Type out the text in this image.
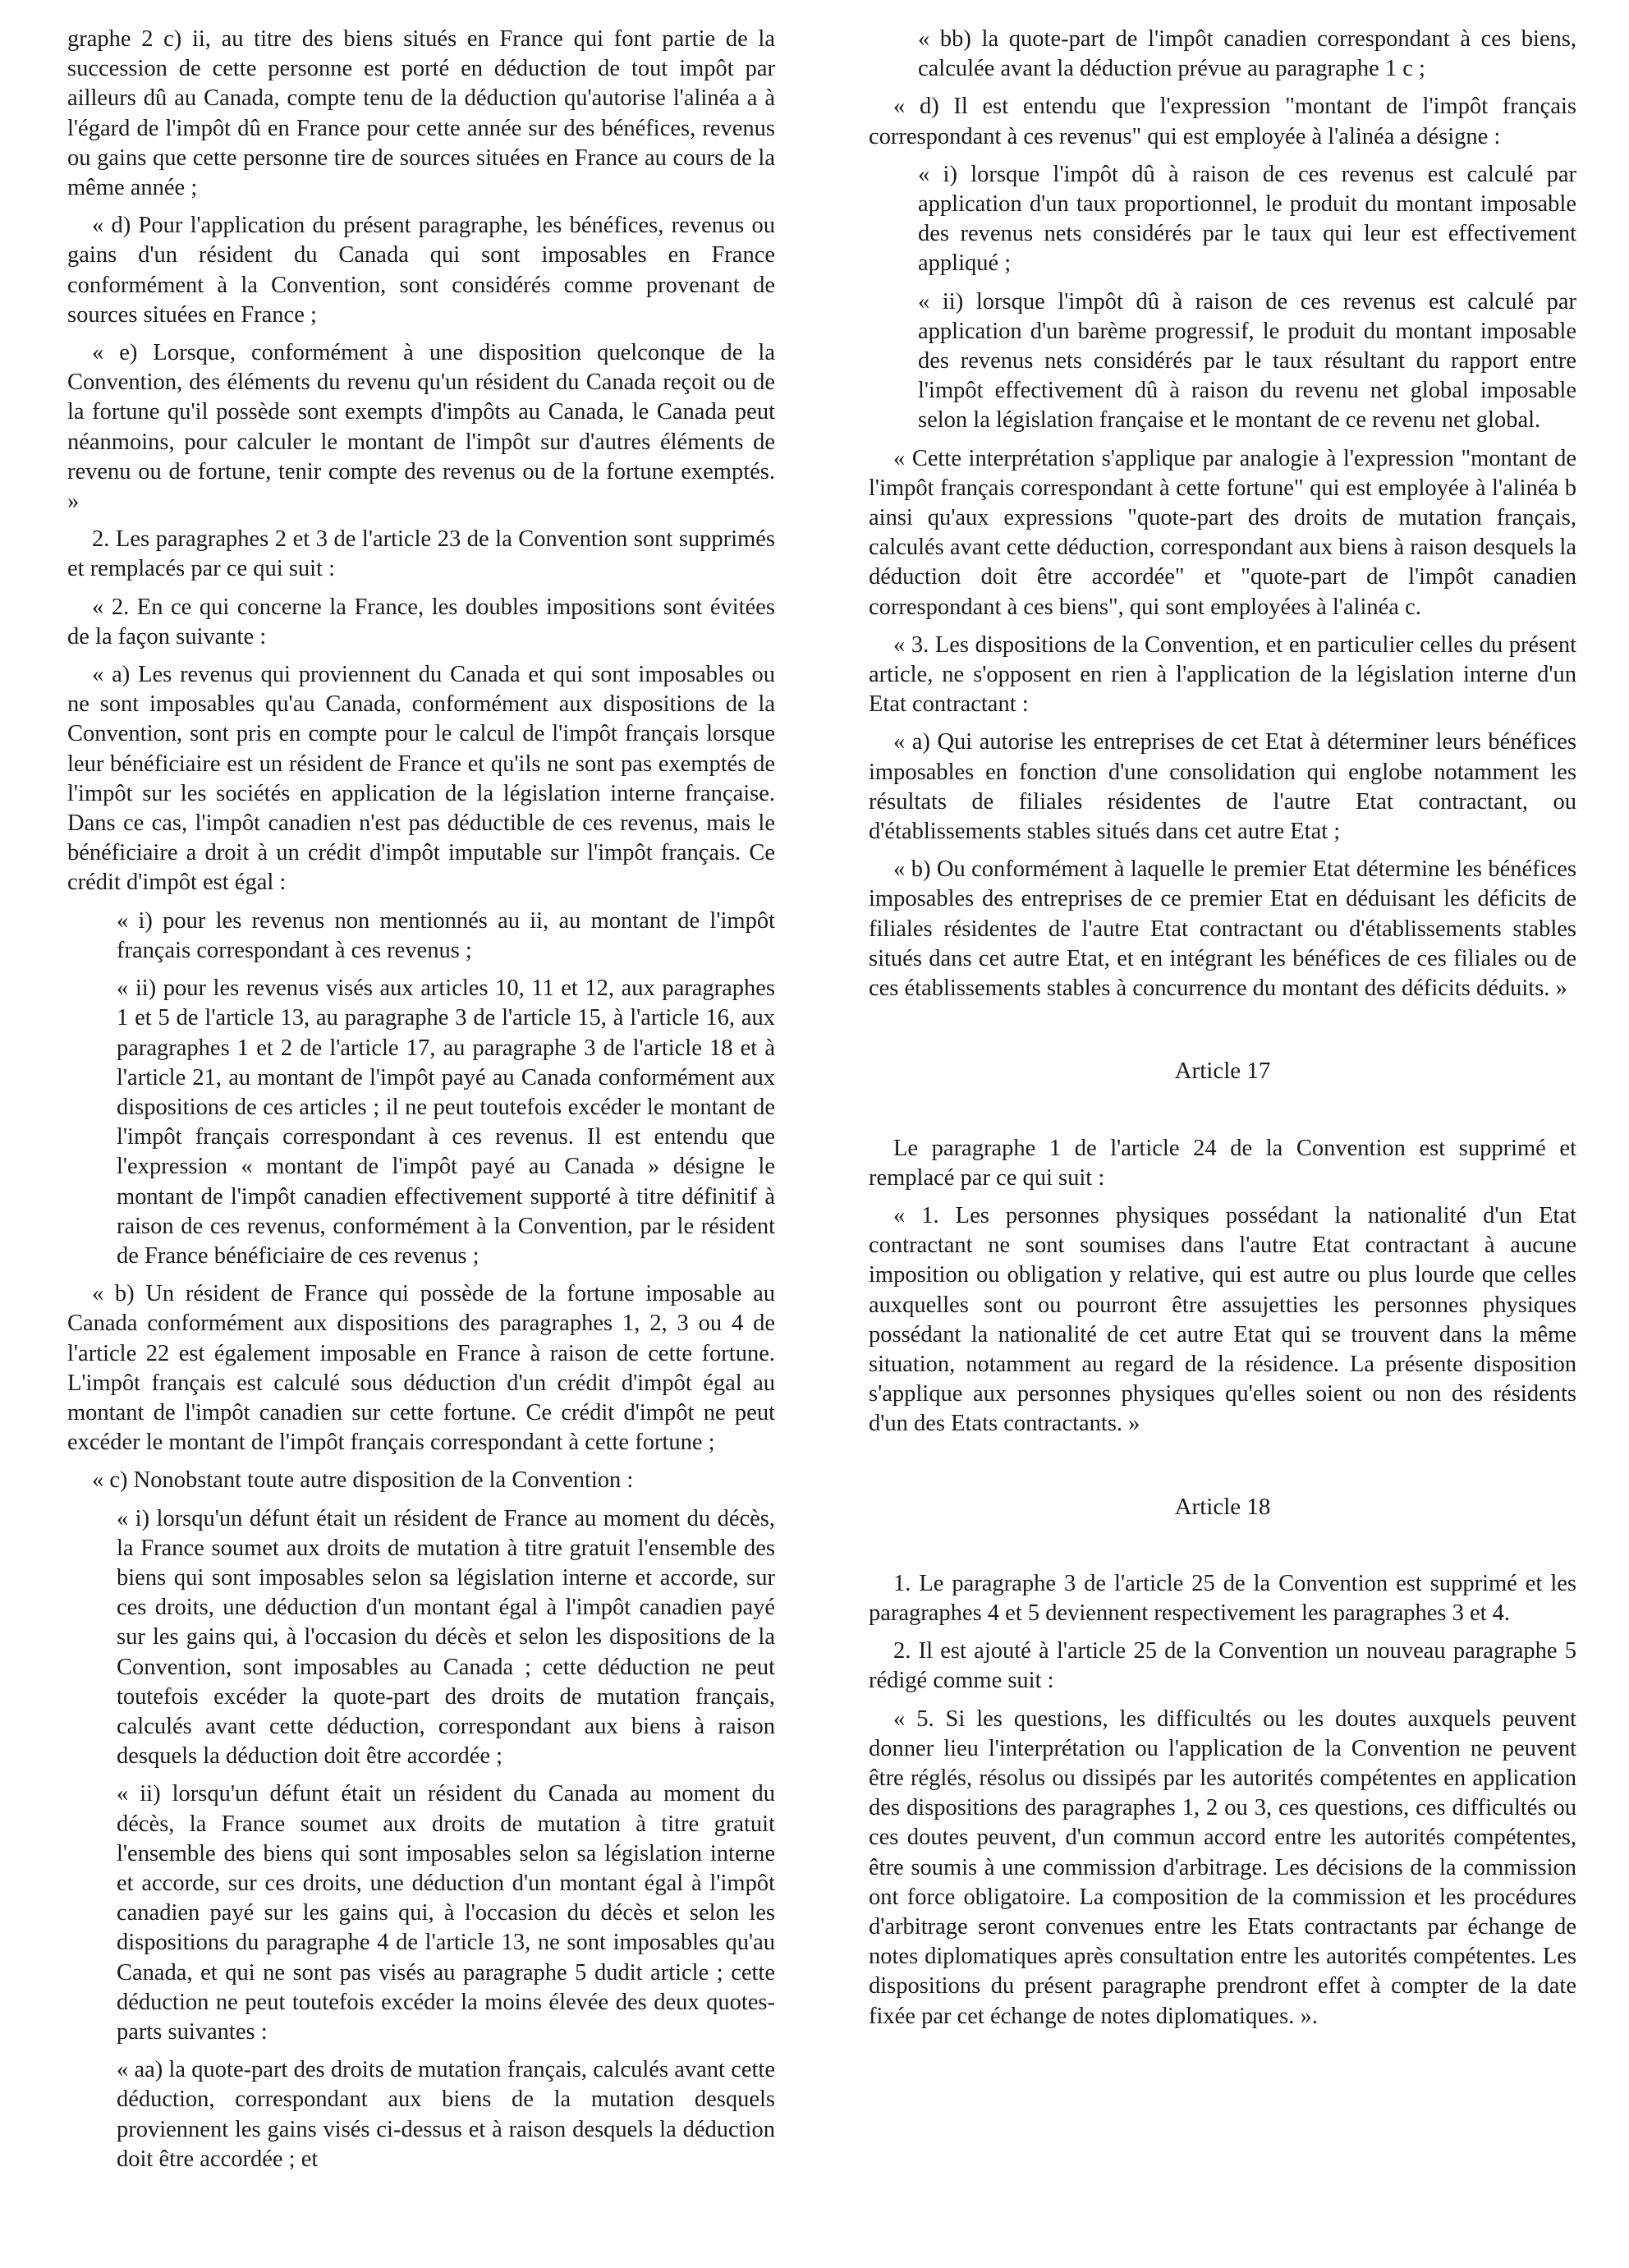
graphe 2 c) ii, au titre des biens situés en France qui font partie de la succession de cette personne est porté en déduction de tout impôt par ailleurs dû au Canada, compte tenu de la déduction qu'autorise l'alinéa a à l'égard de l'impôt dû en France pour cette année sur des bénéfices, revenus ou gains que cette personne tire de sources situées en France au cours de la même année ;

« d) Pour l'application du présent paragraphe, les bénéfices, revenus ou gains d'un résident du Canada qui sont imposables en France conformément à la Convention, sont considérés comme provenant de sources situées en France ;

« e) Lorsque, conformément à une disposition quelconque de la Convention, des éléments du revenu qu'un résident du Canada reçoit ou de la fortune qu'il possède sont exempts d'impôts au Canada, le Canada peut néanmoins, pour calculer le montant de l'impôt sur d'autres éléments de revenu ou de fortune, tenir compte des revenus ou de la fortune exemptés. »

2. Les paragraphes 2 et 3 de l'article 23 de la Convention sont supprimés et remplacés par ce qui suit :

« 2. En ce qui concerne la France, les doubles impositions sont évitées de la façon suivante :

« a) Les revenus qui proviennent du Canada et qui sont imposables ou ne sont imposables qu'au Canada, conformément aux dispositions de la Convention, sont pris en compte pour le calcul de l'impôt français lorsque leur bénéficiaire est un résident de France et qu'ils ne sont pas exemptés de l'impôt sur les sociétés en application de la législation interne française. Dans ce cas, l'impôt canadien n'est pas déductible de ces revenus, mais le bénéficiaire a droit à un crédit d'impôt imputable sur l'impôt français. Ce crédit d'impôt est égal :

« i) pour les revenus non mentionnés au ii, au montant de l'impôt français correspondant à ces revenus ;

« ii) pour les revenus visés aux articles 10, 11 et 12, aux paragraphes 1 et 5 de l'article 13, au paragraphe 3 de l'article 15, à l'article 16, aux paragraphes 1 et 2 de l'article 17, au paragraphe 3 de l'article 18 et à l'article 21, au montant de l'impôt payé au Canada conformément aux dispositions de ces articles ; il ne peut toutefois excéder le montant de l'impôt français correspondant à ces revenus. Il est entendu que l'expression « montant de l'impôt payé au Canada » désigne le montant de l'impôt canadien effectivement supporté à titre définitif à raison de ces revenus, conformément à la Convention, par le résident de France bénéficiaire de ces revenus ;

« b) Un résident de France qui possède de la fortune imposable au Canada conformément aux dispositions des paragraphes 1, 2, 3 ou 4 de l'article 22 est également imposable en France à raison de cette fortune. L'impôt français est calculé sous déduction d'un crédit d'impôt égal au montant de l'impôt canadien sur cette fortune. Ce crédit d'impôt ne peut excéder le montant de l'impôt français correspondant à cette fortune ;

« c) Nonobstant toute autre disposition de la Convention :

« i) lorsqu'un défunt était un résident de France au moment du décès, la France soumet aux droits de mutation à titre gratuit l'ensemble des biens qui sont imposables selon sa législation interne et accorde, sur ces droits, une déduction d'un montant égal à l'impôt canadien payé sur les gains qui, à l'occasion du décès et selon les dispositions de la Convention, sont imposables au Canada ; cette déduction ne peut toutefois excéder la quote-part des droits de mutation français, calculés avant cette déduction, correspondant aux biens à raison desquels la déduction doit être accordée ;

« ii) lorsqu'un défunt était un résident du Canada au moment du décès, la France soumet aux droits de mutation à titre gratuit l'ensemble des biens qui sont imposables selon sa législation interne et accorde, sur ces droits, une déduction d'un montant égal à l'impôt canadien payé sur les gains qui, à l'occasion du décès et selon les dispositions du paragraphe 4 de l'article 13, ne sont imposables qu'au Canada, et qui ne sont pas visés au paragraphe 5 dudit article ; cette déduction ne peut toutefois excéder la moins élevée des deux quotes-parts suivantes :

« aa) la quote-part des droits de mutation français, calculés avant cette déduction, correspondant aux biens de la mutation desquels proviennent les gains visés ci-dessus et à raison desquels la déduction doit être accordée ; et

« bb) la quote-part de l'impôt canadien correspondant à ces biens, calculée avant la déduction prévue au paragraphe 1 c ;

« d) Il est entendu que l'expression "montant de l'impôt français correspondant à ces revenus" qui est employée à l'alinéa a désigne :

« i) lorsque l'impôt dû à raison de ces revenus est calculé par application d'un taux proportionnel, le produit du montant imposable des revenus nets considérés par le taux qui leur est effectivement appliqué ;

« ii) lorsque l'impôt dû à raison de ces revenus est calculé par application d'un barème progressif, le produit du montant imposable des revenus nets considérés par le taux résultant du rapport entre l'impôt effectivement dû à raison du revenu net global imposable selon la législation française et le montant de ce revenu net global.

« Cette interprétation s'applique par analogie à l'expression "montant de l'impôt français correspondant à cette fortune" qui est employée à l'alinéa b ainsi qu'aux expressions "quote-part des droits de mutation français, calculés avant cette déduction, correspondant aux biens à raison desquels la déduction doit être accordée" et "quote-part de l'impôt canadien correspondant à ces biens", qui sont employées à l'alinéa c.

« 3. Les dispositions de la Convention, et en particulier celles du présent article, ne s'opposent en rien à l'application de la législation interne d'un Etat contractant :

« a) Qui autorise les entreprises de cet Etat à déterminer leurs bénéfices imposables en fonction d'une consolidation qui englobe notamment les résultats de filiales résidentes de l'autre Etat contractant, ou d'établissements stables situés dans cet autre Etat ;

« b) Ou conformément à laquelle le premier Etat détermine les bénéfices imposables des entreprises de ce premier Etat en déduisant les déficits de filiales résidentes de l'autre Etat contractant ou d'établissements stables situés dans cet autre Etat, et en intégrant les bénéfices de ces filiales ou de ces établissements stables à concurrence du montant des déficits déduits. »

Article 17

Le paragraphe 1 de l'article 24 de la Convention est supprimé et remplacé par ce qui suit :

« 1. Les personnes physiques possédant la nationalité d'un Etat contractant ne sont soumises dans l'autre Etat contractant à aucune imposition ou obligation y relative, qui est autre ou plus lourde que celles auxquelles sont ou pourront être assujetties les personnes physiques possédant la nationalité de cet autre Etat qui se trouvent dans la même situation, notamment au regard de la résidence. La présente disposition s'applique aux personnes physiques qu'elles soient ou non des résidents d'un des Etats contractants. »

Article 18

1. Le paragraphe 3 de l'article 25 de la Convention est supprimé et les paragraphes 4 et 5 deviennent respectivement les paragraphes 3 et 4.

2. Il est ajouté à l'article 25 de la Convention un nouveau paragraphe 5 rédigé comme suit :

« 5. Si les questions, les difficultés ou les doutes auxquels peuvent donner lieu l'interprétation ou l'application de la Convention ne peuvent être réglés, résolus ou dissipés par les autorités compétentes en application des dispositions des paragraphes 1, 2 ou 3, ces questions, ces difficultés ou ces doutes peuvent, d'un commun accord entre les autorités compétentes, être soumis à une commission d'arbitrage. Les décisions de la commission ont force obligatoire. La composition de la commission et les procédures d'arbitrage seront convenues entre les Etats contractants par échange de notes diplomatiques après consultation entre les autorités compétentes. Les dispositions du présent paragraphe prendront effet à compter de la date fixée par cet échange de notes diplomatiques. ».
